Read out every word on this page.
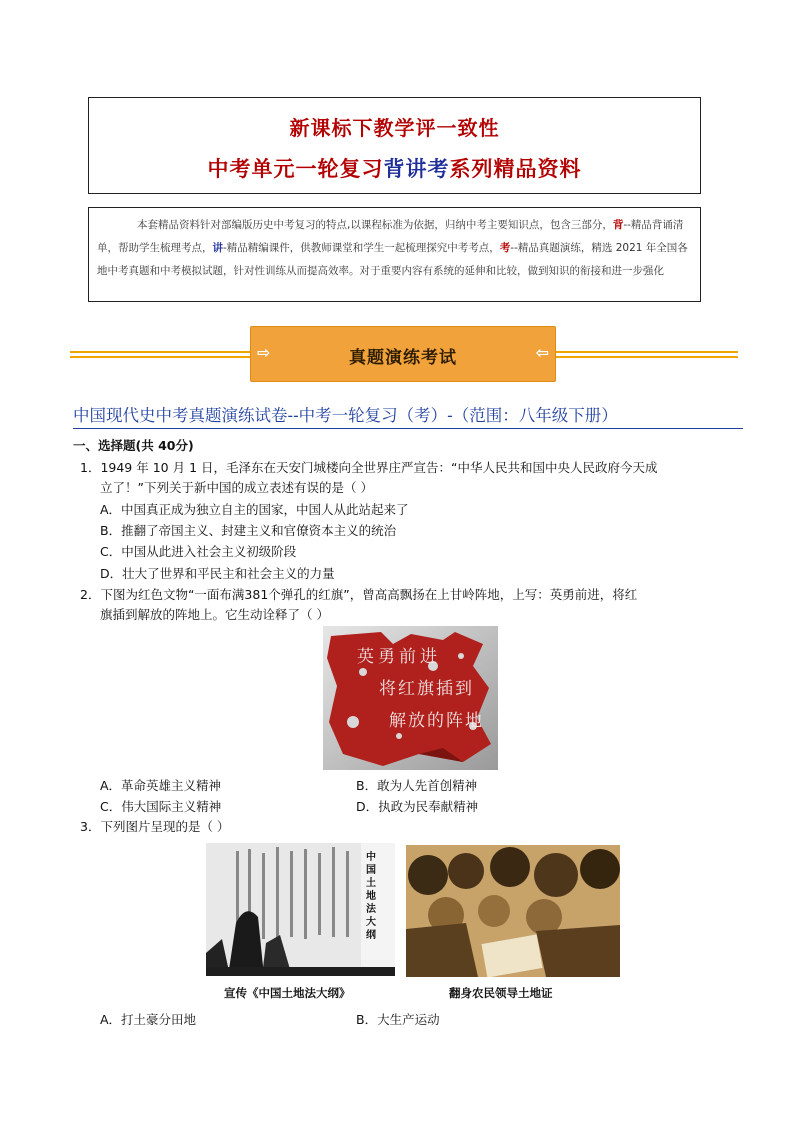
新课标下教学评一致性
中考单元一轮复习背讲考系列精品资料
本套精品资料针对部编版历史中考复习的特点,以课程标准为依据，归纳中考主要知识点，包含三部分，背--精品背诵清单，帮助学生梳理考点，讲-精品精编课件，供教师课堂和学生一起梳理探究中考考点，考--精品真题演练，精选 2021 年全国各地中考真题和中考模拟试题，针对性训练从而提高效率。对于重要内容有系统的延伸和比较，做到知识的衔接和进一步强化
⇨	真题演练考试	⇦
中国现代史中考真题演练试卷--中考一轮复习（考）-（范围：八年级下册）
一、选择题(共 40分)
1．1949 年 10 月 1 日，毛泽东在天安门城楼向全世界庄严宣告：“中华人民共和国中央人民政府今天成
立了！”下列关于新中国的成立表述有误的是（ ）
A．中国真正成为独立自主的国家，中国人从此站起来了
B．推翻了帝国主义、封建主义和官僚资本主义的统治
C．中国从此进入社会主义初级阶段
D．壮大了世界和平民主和社会主义的力量
2．下图为红色文物“一面布满381个弹孔的红旗”，曾高高飘扬在上甘岭阵地，上写：英勇前进，将红
旗插到解放的阵地上。它生动诠释了（ ）
英勇前进
将红旗插到
解放的阵地
A．革命英雄主义精神	B．敢为人先首创精神
C．伟大国际主义精神	D．执政为民奉献精神
3．下列图片呈现的是（ ）
中国土地法大纲
宣传《中国土地法大纲》	翻身农民领导土地证
A．打土豪分田地	B．大生产运动
